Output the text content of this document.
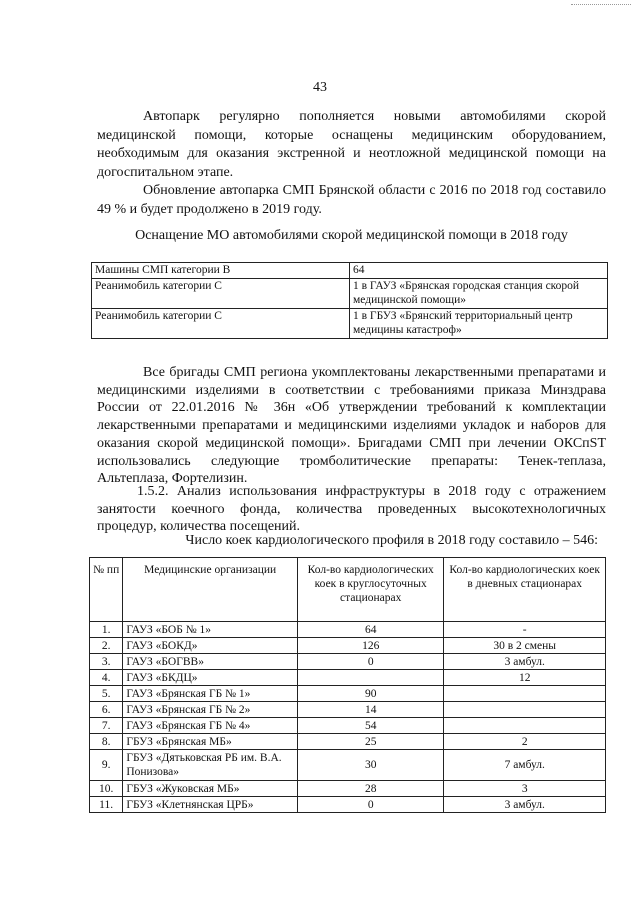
43

Автопарк регулярно пополняется новыми автомобилями скорой медицинской помощи, которые оснащены медицинским оборудованием, необходимым для оказания экстренной и неотложной медицинской помощи на догоспитальном этапе.

Обновление автопарка СМП Брянской области с 2016 по 2018 год составило 49 % и будет продолжено в 2019 году.

Оснащение МО автомобилями скорой медицинской помощи в 2018 году
Машины СМП категории В	64
Реанимобиль категории С	1 в ГАУЗ «Брянская городская станция скорой медицинской помощи»
Реанимобиль категории С	1 в ГБУЗ «Брянский территориальный центр медицины катастроф»

Все бригады СМП региона укомплектованы лекарственными препаратами и медицинскими изделиями в соответствии с требованиями приказа Минздрава России от 22.01.2016 № 36н «Об утверждении требований к комплектации лекарственными препаратами и медицинскими изделиями укладок и наборов для оказания скорой медицинской помощи». Бригадами СМП при лечении ОКСпST использовались следующие тромболитические препараты: Тенек-теплаза, Альтеплаза, Фортелизин.

1.5.2. Анализ использования инфраструктуры в 2018 году с отражением занятости коечного фонда, количества проведенных высокотехнологичных процедур, количества посещений.

Число коек кардиологического профиля в 2018 году составило – 546:
№ пп	Медицинские организации	Кол-во кардиологических коек в круглосуточных стационарах	Кол-во кардиологических коек в дневных стационарах
1.	ГАУЗ «БОБ № 1»	64	-
2.	ГАУЗ «БОКД»	126	30 в 2 смены
3.	ГАУЗ «БОГВВ»	0	3 амбул.
4.	ГАУЗ «БКДЦ»		12
5.	ГАУЗ «Брянская ГБ № 1»	90	
6.	ГАУЗ «Брянская ГБ № 2»	14	
7.	ГАУЗ «Брянская ГБ № 4»	54	
8.	ГБУЗ «Брянская МБ»	25	2
9.	ГБУЗ «Дятьковская РБ им. В.А. Понизова»	30	7 амбул.
10.	ГБУЗ «Жуковская МБ»	28	3
11.	ГБУЗ «Клетнянская ЦРБ»	0	3 амбул.
